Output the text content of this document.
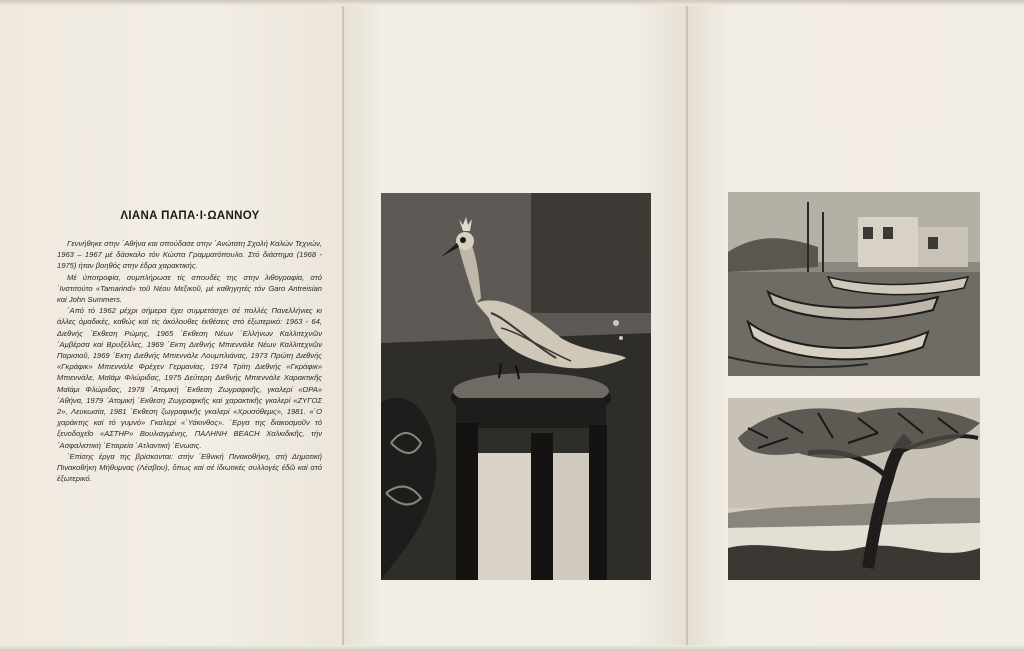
ΛΙΑΝΑ ΠΑΠΑ·Ι·ΩΑΝΝΟΥ

Γεννήθηκε στην ΄Αθήνα και σπούδασε στην ΄Ανώτατη Σχολή Καλών Τεχνών, 1963 – 1967 μέ δάσκαλο τόν Κώστα Γραμματόπουλο. Στό διάστημα (1968 - 1975) ήταν βοηθός στην έδρα χαρακτικής.

Μέ ύποτροφία, συμπλήρωσε τίς σπουδές της στην λιθογραφία, στό ΄Ινστιτούτο «Tamarind» τοῦ Νέου Μεξικοῦ, μέ καθηγητές τόν Garo Antreisian καί John Summers.

΄Από τό 1962 μέχρι σήμερα έχει συμμετάσχει σέ πολλές Πανελλήνιες κι άλλες ὁμαδικές, καθώς καί τίς ἀκόλουθες ἐκθέσεις στό ἐξωτερικό: 1963 - 64, Διεθνής ΄Εκθεση Ρώμης, 1965 ΄Εκθεση Νέων ΄Ελλήνων Καλλιτεχνῶν ΄Αμβέρσα καί Βρυξέλλες, 1969 ΄Εκτη Διεθνής Μπιεννάλε Νέων Καλλιτεχνῶν Παρισιοῦ, 1969 ΄Εκτη Διεθνής Μπιεννάλε Λουμπλιάνας, 1973 Πρώτη Διεθνής «Γκράφικ» Μπιεννάλε Φρέχεν Γερμανίας, 1974 Τρίτη Διεθνής «Γκράφικ» Μπιεννάλε, Μαϊάμι Φλώριδας, 1975 Δεύτερη Διεθνής Μπιεννάλε Χαρακτικῆς Μαϊάμι Φλώριδας, 1978 ΄Ατομική ΄Εκθεση Ζωγραφικῆς, γκαλερί «ΩΡΑ» ΄Αθήνα, 1979 ΄Ατομική ΄Εκθεση Ζωγραφικῆς καί χαρακτικῆς γκαλερί «ΖΥΓΟΣ 2», Λευκωσία, 1981 ΄Εκθεση ζωγραφικῆς γκαλερί «Χρυσόθεμις», 1981. «΄Ο χαράκτης καί τό γυμνό» Γκαλερί «΄Υάκινθος». ΄Εργα της διακοσμοῦν τό ξενοδοχεῖο «ΑΣΤΗΡ» Βουλιαγμένης, ΠΑΛΗΝΗ BEACH Χαλκιδικῆς, τήν ΄Ασφαλιστική ΄Εταιρεία ΄Ατλαντική ΄Ενωσις.

΄Επίσης έργα της βρίσκονται: στήν ΄Εθνική Πινακοθήκη, στή Δημοτική Πινακοθήκη Μήθυμνας (Λέσβου), ὅπως καί σέ ἰδιωτικές συλλογές ἐδῶ καί στό ἐξωτερικό.
